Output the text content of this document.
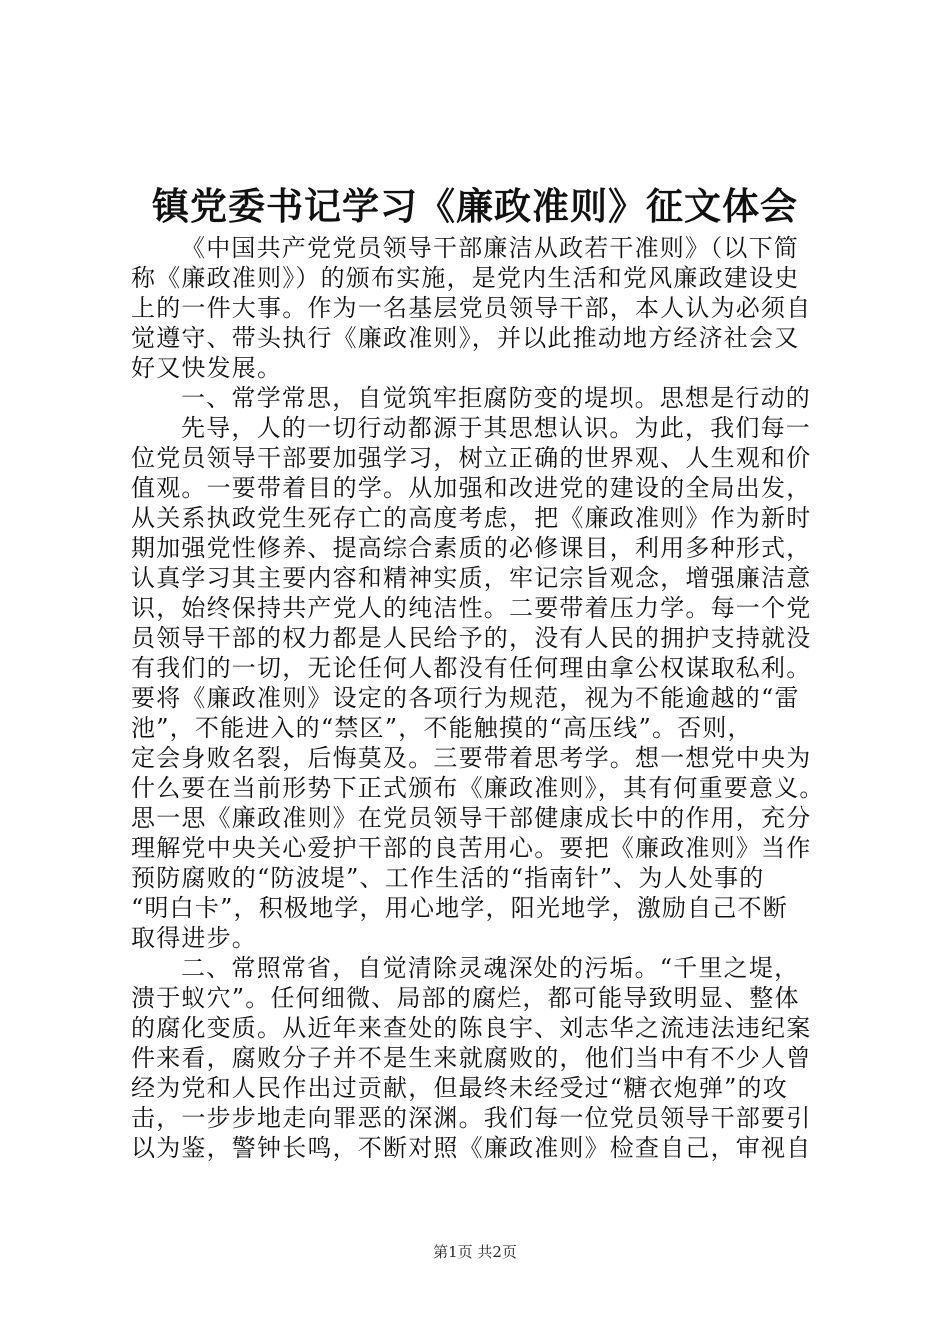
镇党委书记学习《廉政准则》征文体会
《中国共产党党员领导干部廉洁从政若干准则》（以下简
称《廉政准则》）的颁布实施，是党内生活和党风廉政建设史
上的一件大事。作为一名基层党员领导干部，本人认为必须自
觉遵守、带头执行《廉政准则》，并以此推动地方经济社会又
好又快发展。
一、常学常思，自觉筑牢拒腐防变的堤坝。思想是行动的
先导，人的一切行动都源于其思想认识。为此，我们每一
位党员领导干部要加强学习，树立正确的世界观、人生观和价
值观。一要带着目的学。从加强和改进党的建设的全局出发，
从关系执政党生死存亡的高度考虑，把《廉政准则》作为新时
期加强党性修养、提高综合素质的必修课目，利用多种形式，
认真学习其主要内容和精神实质，牢记宗旨观念，增强廉洁意
识，始终保持共产党人的纯洁性。二要带着压力学。每一个党
员领导干部的权力都是人民给予的，没有人民的拥护支持就没
有我们的一切，无论任何人都没有任何理由拿公权谋取私利。
要将《廉政准则》设定的各项行为规范，视为不能逾越的“雷
池”，不能进入的“禁区”，不能触摸的“高压线”。否则，
定会身败名裂，后悔莫及。三要带着思考学。想一想党中央为
什么要在当前形势下正式颁布《廉政准则》，其有何重要意义。
思一思《廉政准则》在党员领导干部健康成长中的作用，充分
理解党中央关心爱护干部的良苦用心。要把《廉政准则》当作
预防腐败的“防波堤”、工作生活的“指南针”、为人处事的
“明白卡”，积极地学，用心地学，阳光地学，激励自己不断
取得进步。
二、常照常省，自觉清除灵魂深处的污垢。“千里之堤，
溃于蚁穴”。任何细微、局部的腐烂，都可能导致明显、整体
的腐化变质。从近年来查处的陈良宇、刘志华之流违法违纪案
件来看，腐败分子并不是生来就腐败的，他们当中有不少人曾
经为党和人民作出过贡献，但最终未经受过“糖衣炮弹”的攻
击，一步步地走向罪恶的深渊。我们每一位党员领导干部要引
以为鉴，警钟长鸣，不断对照《廉政准则》检查自己，审视自
第1页 共2页
